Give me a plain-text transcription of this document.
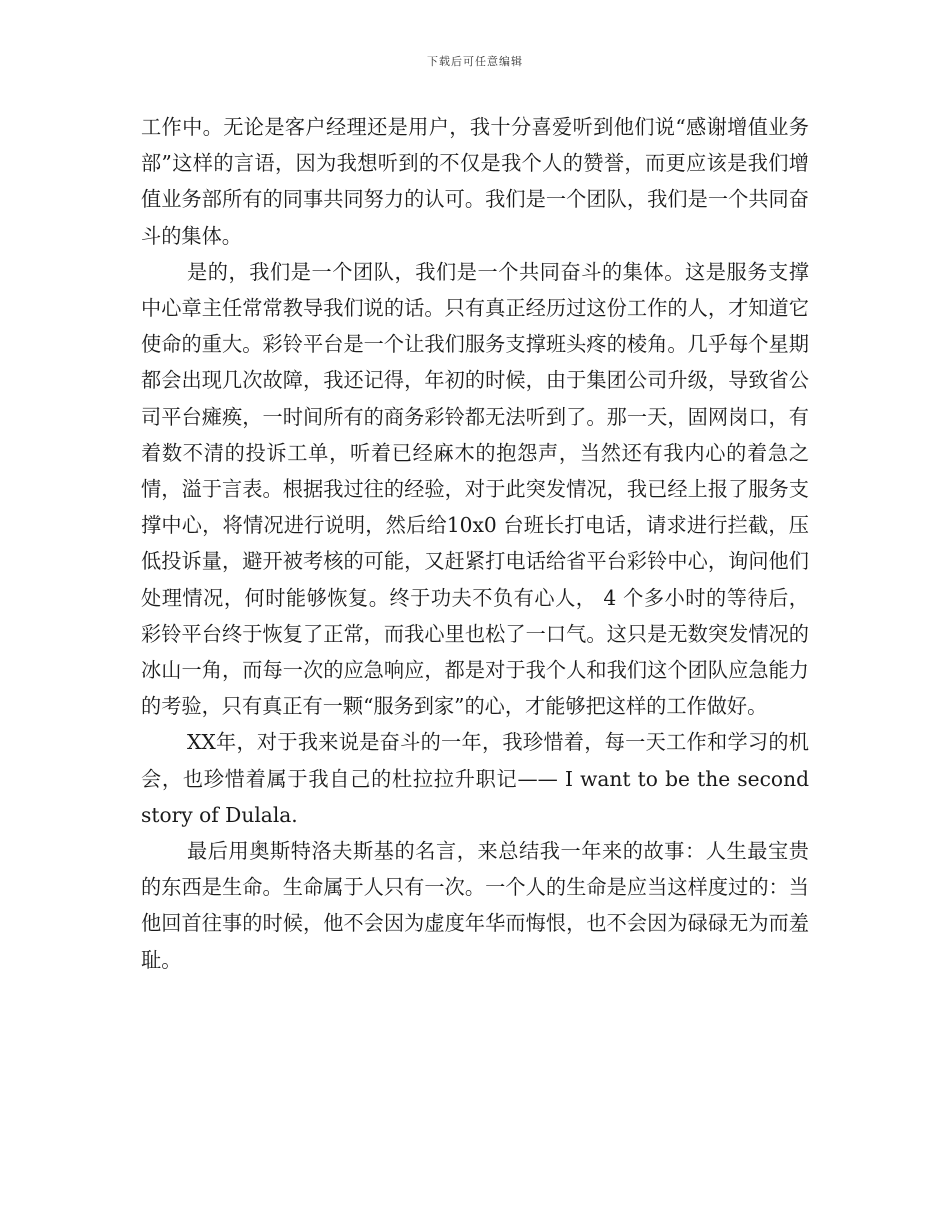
下载后可任意编辑

工作中。无论是客户经理还是用户，我十分喜爱听到他们说“感谢增值业务部”这样的言语，因为我想听到的不仅是我个人的赞誉，而更应该是我们增值业务部所有的同事共同努力的认可。我们是一个团队，我们是一个共同奋斗的集体。

是的，我们是一个团队，我们是一个共同奋斗的集体。这是服务支撑中心章主任常常教导我们说的话。只有真正经历过这份工作的人，才知道它使命的重大。彩铃平台是一个让我们服务支撑班头疼的棱角。几乎每个星期都会出现几次故障，我还记得，年初的时候，由于集团公司升级，导致省公司平台瘫痪，一时间所有的商务彩铃都无法听到了。那一天，固网岗口，有着数不清的投诉工单，听着已经麻木的抱怨声，当然还有我内心的着急之情，溢于言表。根据我过往的经验，对于此突发情况，我已经上报了服务支撑中心，将情况进行说明，然后给10x0 台班长打电话，请求进行拦截，压低投诉量，避开被考核的可能，又赶紧打电话给省平台彩铃中心，询问他们处理情况，何时能够恢复。终于功夫不负有心人， 4 个多小时的等待后，彩铃平台终于恢复了正常，而我心里也松了一口气。这只是无数突发情况的冰山一角，而每一次的应急响应，都是对于我个人和我们这个团队应急能力的考验，只有真正有一颗“服务到家”的心，才能够把这样的工作做好。

XX年，对于我来说是奋斗的一年，我珍惜着，每一天工作和学习的机会，也珍惜着属于我自己的杜拉拉升职记—— I want to be the second story of Dulala.

最后用奥斯特洛夫斯基的名言，来总结我一年来的故事：人生最宝贵的东西是生命。生命属于人只有一次。一个人的生命是应当这样度过的：当他回首往事的时候，他不会因为虚度年华而悔恨，也不会因为碌碌无为而羞耻。
